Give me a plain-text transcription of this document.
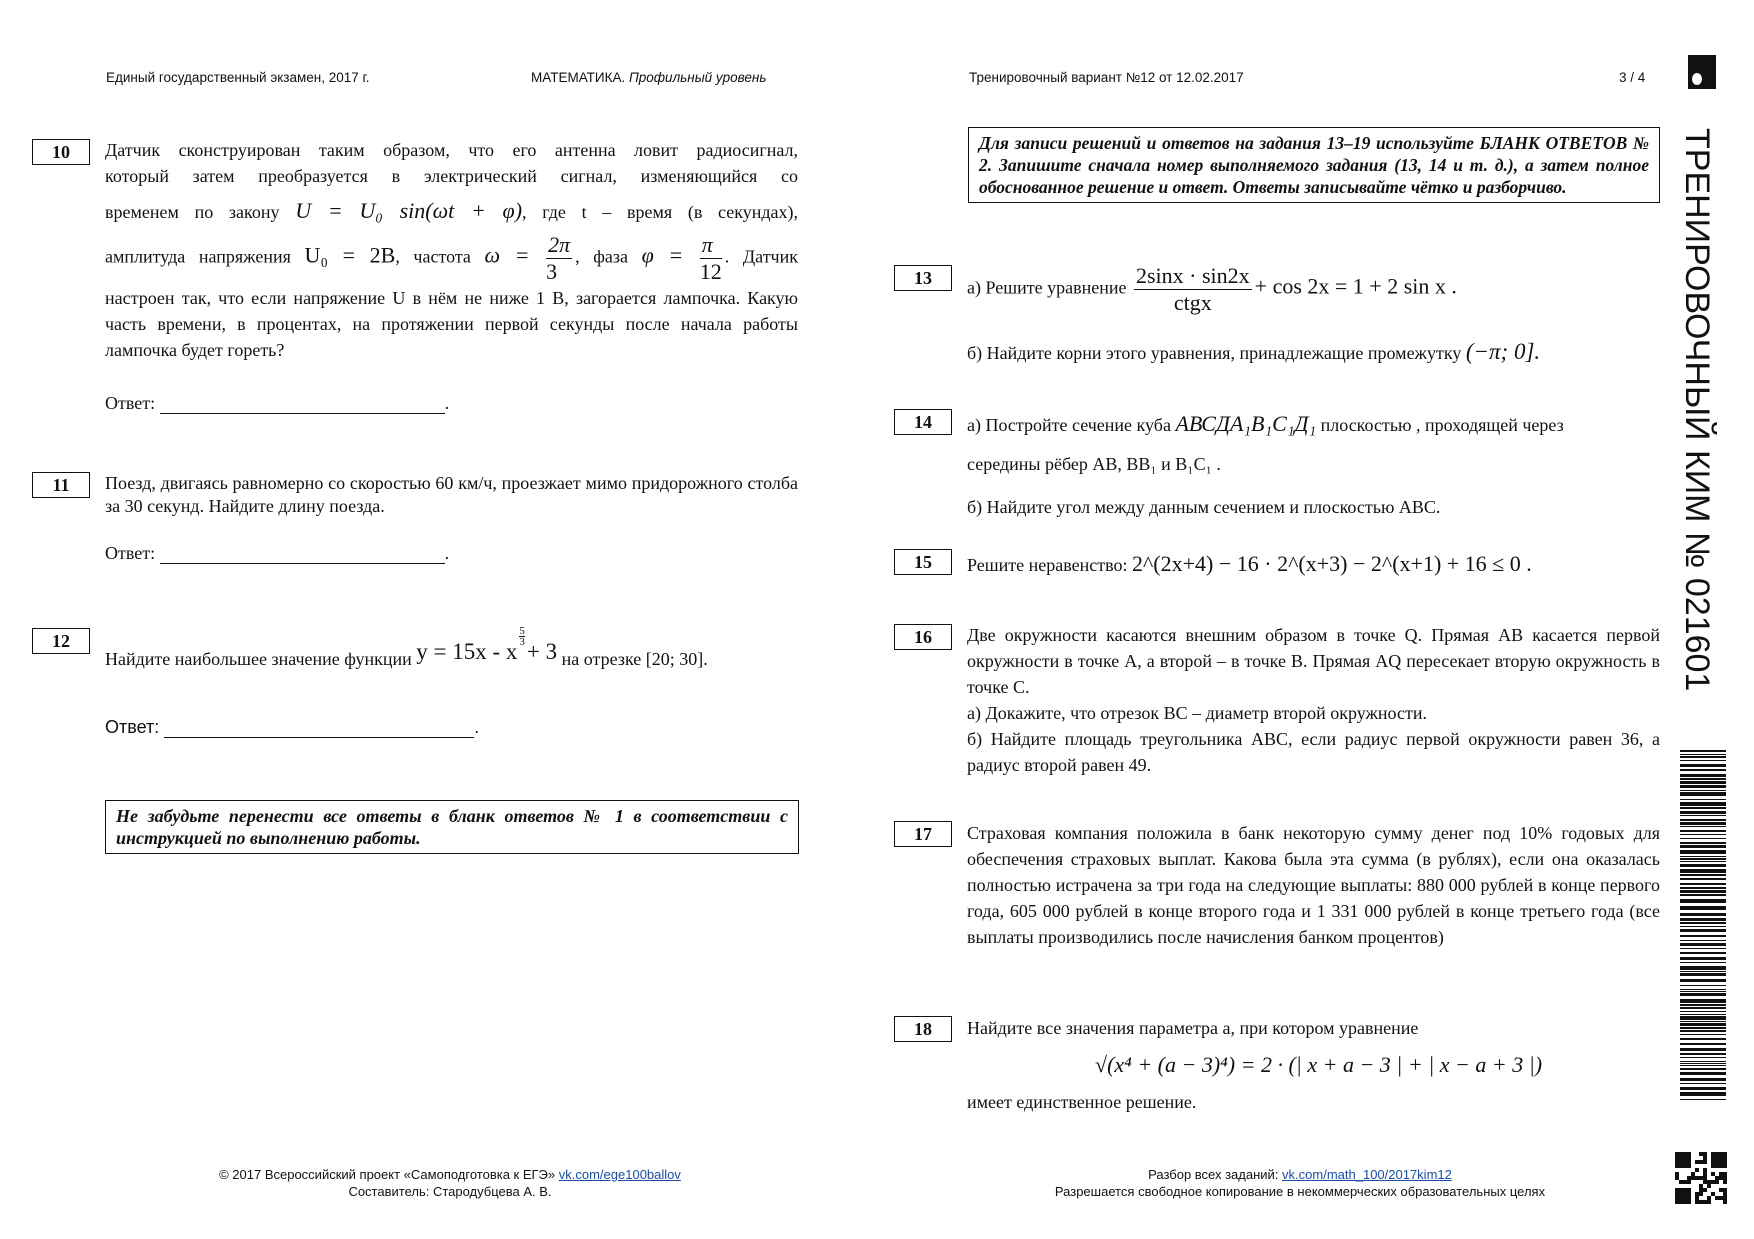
Единый государственный экзамен, 2017 г.	МАТЕМАТИКА. Профильный уровень	Тренировочный вариант №12 от 12.02.2017	3 / 4
10	Датчик сконструирован таким образом, что его антенна ловит радиосигнал,
который затем преобразуется в электрический сигнал, изменяющийся со
временем по закону U = U₀ sin(ωt + φ), где t – время (в секундах),
амплитуда напряжения U₀ = 2В, частота $\omega = \frac{2\pi}{3}$ , фаза $\varphi = \frac{\pi}{12}$ . Датчик
настроен так, что если напряжение U в нём не ниже 1 В, загорается лампочка. Какую часть времени, в процентах, на протяжении первой секунды после начала работы лампочка будет гореть?
Ответ:	.
11	Поезд, двигаясь равномерно со скоростью 60 км/ч, проезжает мимо придорожного столба за 30 секунд. Найдите длину поезда.
Ответ:	.
12
Найдите наибольшее значение функции y = 15x - x
$\frac{5}{3}$
+ 3 на отрезке [20; 30].
Ответ:	.
Не забудьте перенести все ответы в бланк ответов № 1 в соответствии с инструкцией по выполнению работы.
Для записи решений и ответов на задания 13–19 используйте БЛАНК ОТВЕТОВ № 2. Запишите сначала номер выполняемого задания (13, 14 и т. д.), а затем полное обоснованное решение и ответ. Ответы записывайте чётко и разборчиво.
13	а) Решите уравнение $\frac{2\sin x \cdot \sin 2x}{\text{ctgx}} + \cos 2x = 1 + 2$ sin x .
б) Найдите корни этого уравнения, принадлежащие промежутку (−π; 0].
14	а) Постройте сечение куба АВСДА₁В₁С₁Д₁ плоскостью , проходящей через
середины рёбер АВ, ВВ₁ и В₁С₁ .
б) Найдите угол между данным сечением и плоскостью АВС.
15	Решите неравенство: 2^(2x+4) − 16 · 2^(x+3) − 2^(x+1) + 16 ≤ 0 .
16	Две окружности касаются внешним образом в точке Q. Прямая АВ касается первой окружности в точке А, а второй – в точке В. Прямая AQ пересекает вторую окружность в точке С.
а) Докажите, что отрезок ВС – диаметр второй окружности.
б) Найдите площадь треугольника АВС, если радиус первой окружности равен 36, а радиус второй равен 49.
17	Страховая компания положила в банк некоторую сумму денег под 10% годовых для обеспечения страховых выплат. Какова была эта сумма (в рублях), если она оказалась полностью истрачена за три года на следующие выплаты: 880 000 рублей в конце первого года, 605 000 рублей в конце второго года и 1 331 000 рублей в конце третьего года (все выплаты производились после начисления банком процентов)
18	Найдите все значения параметра a, при котором уравнение
√(x⁴ + (a − 3)⁴) = 2 · (| x + a − 3 | + | x − a + 3 |)
имеет единственное решение.
© 2017 Всероссийский проект «Самоподготовка к ЕГЭ» vk.com/ege100ballov
Составитель: Стародубцева А. В.
Разбор всех заданий: vk.com/math_100/2017kim12
Разрешается свободное копирование в некоммерческих образовательных целях
ТРЕНИРОВОЧНЫЙ КИМ № 021601
